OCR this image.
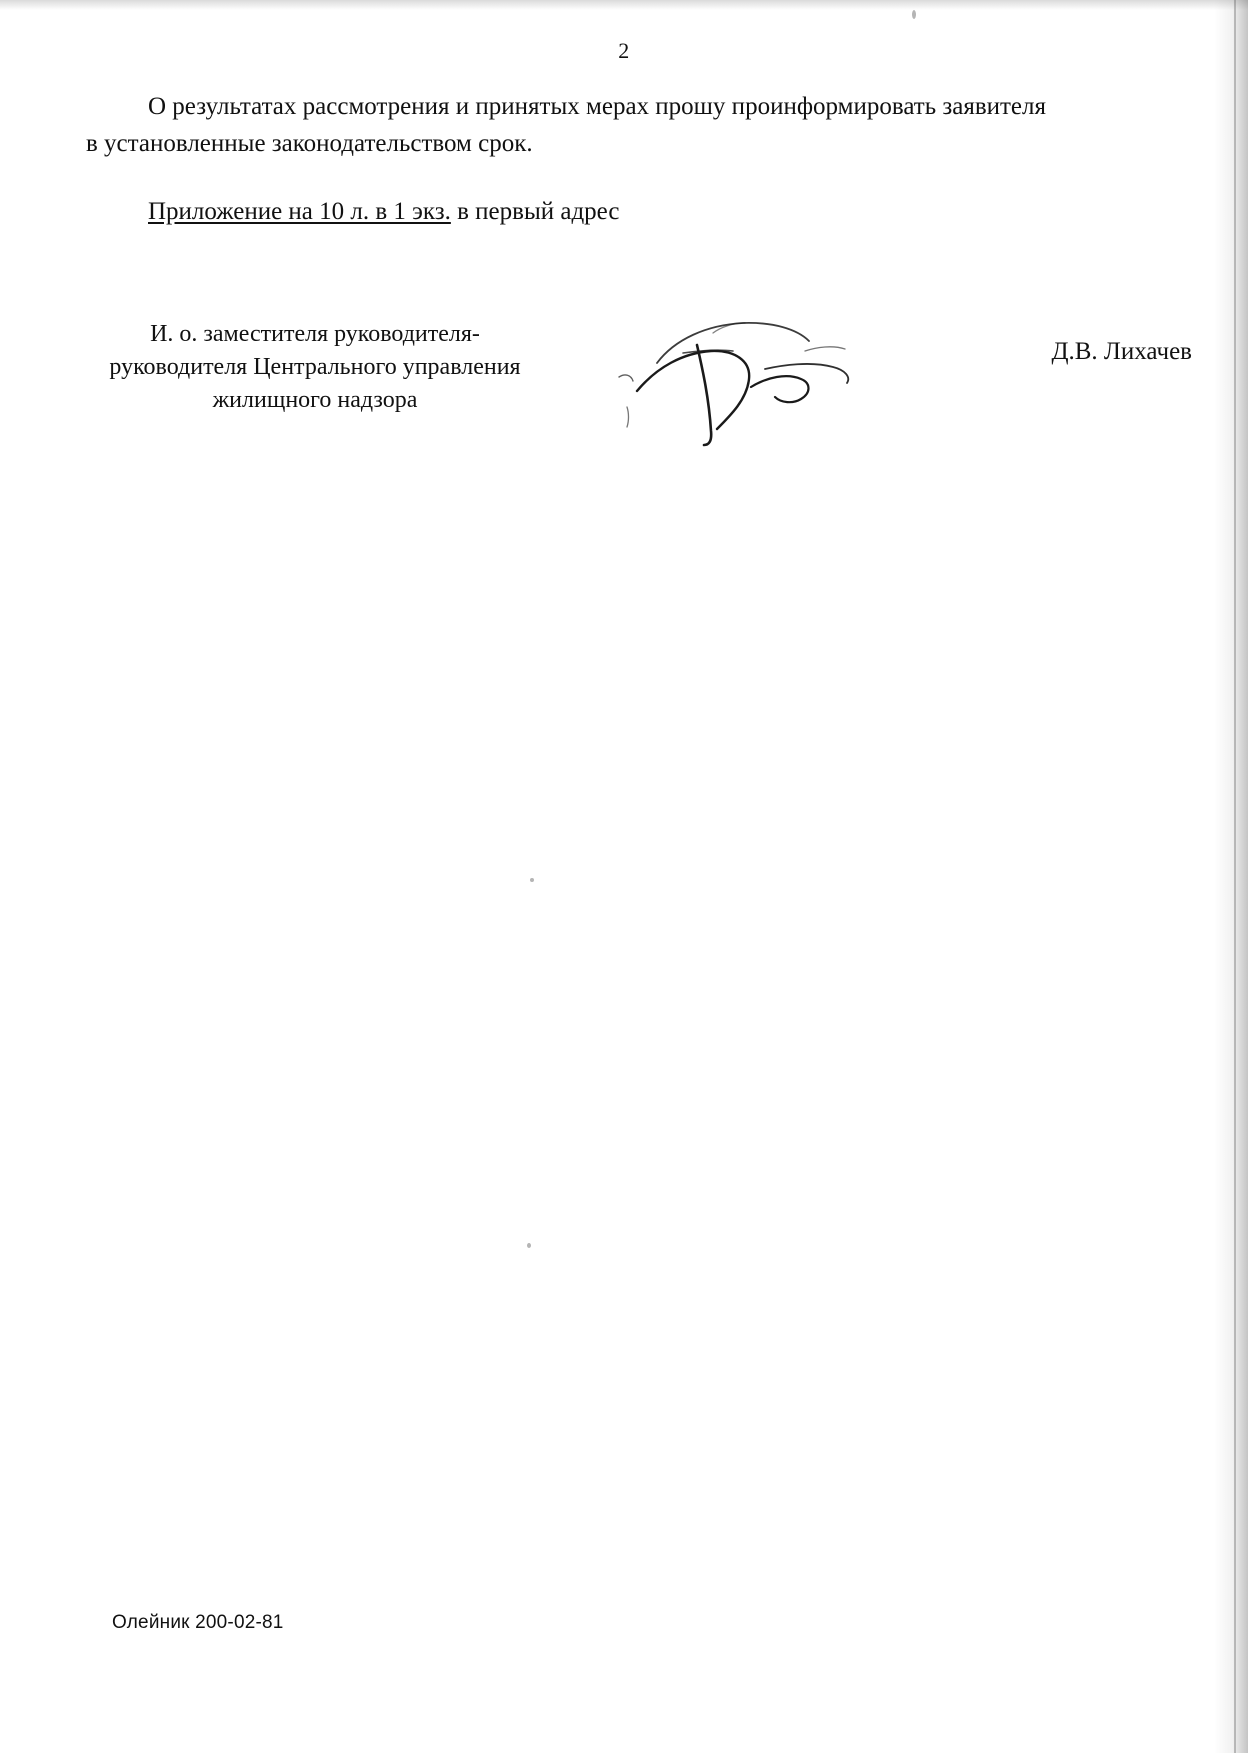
2
О результатах рассмотрения и принятых мерах прошу проинформировать заявителя в установленные законодательством срок.
Приложение на 10 л. в 1 экз. в первый адрес
И. о. заместителя руководителя-
руководителя Центрального управления
жилищного надзора
Д.В. Лихачев
Олейник 200-02-81
